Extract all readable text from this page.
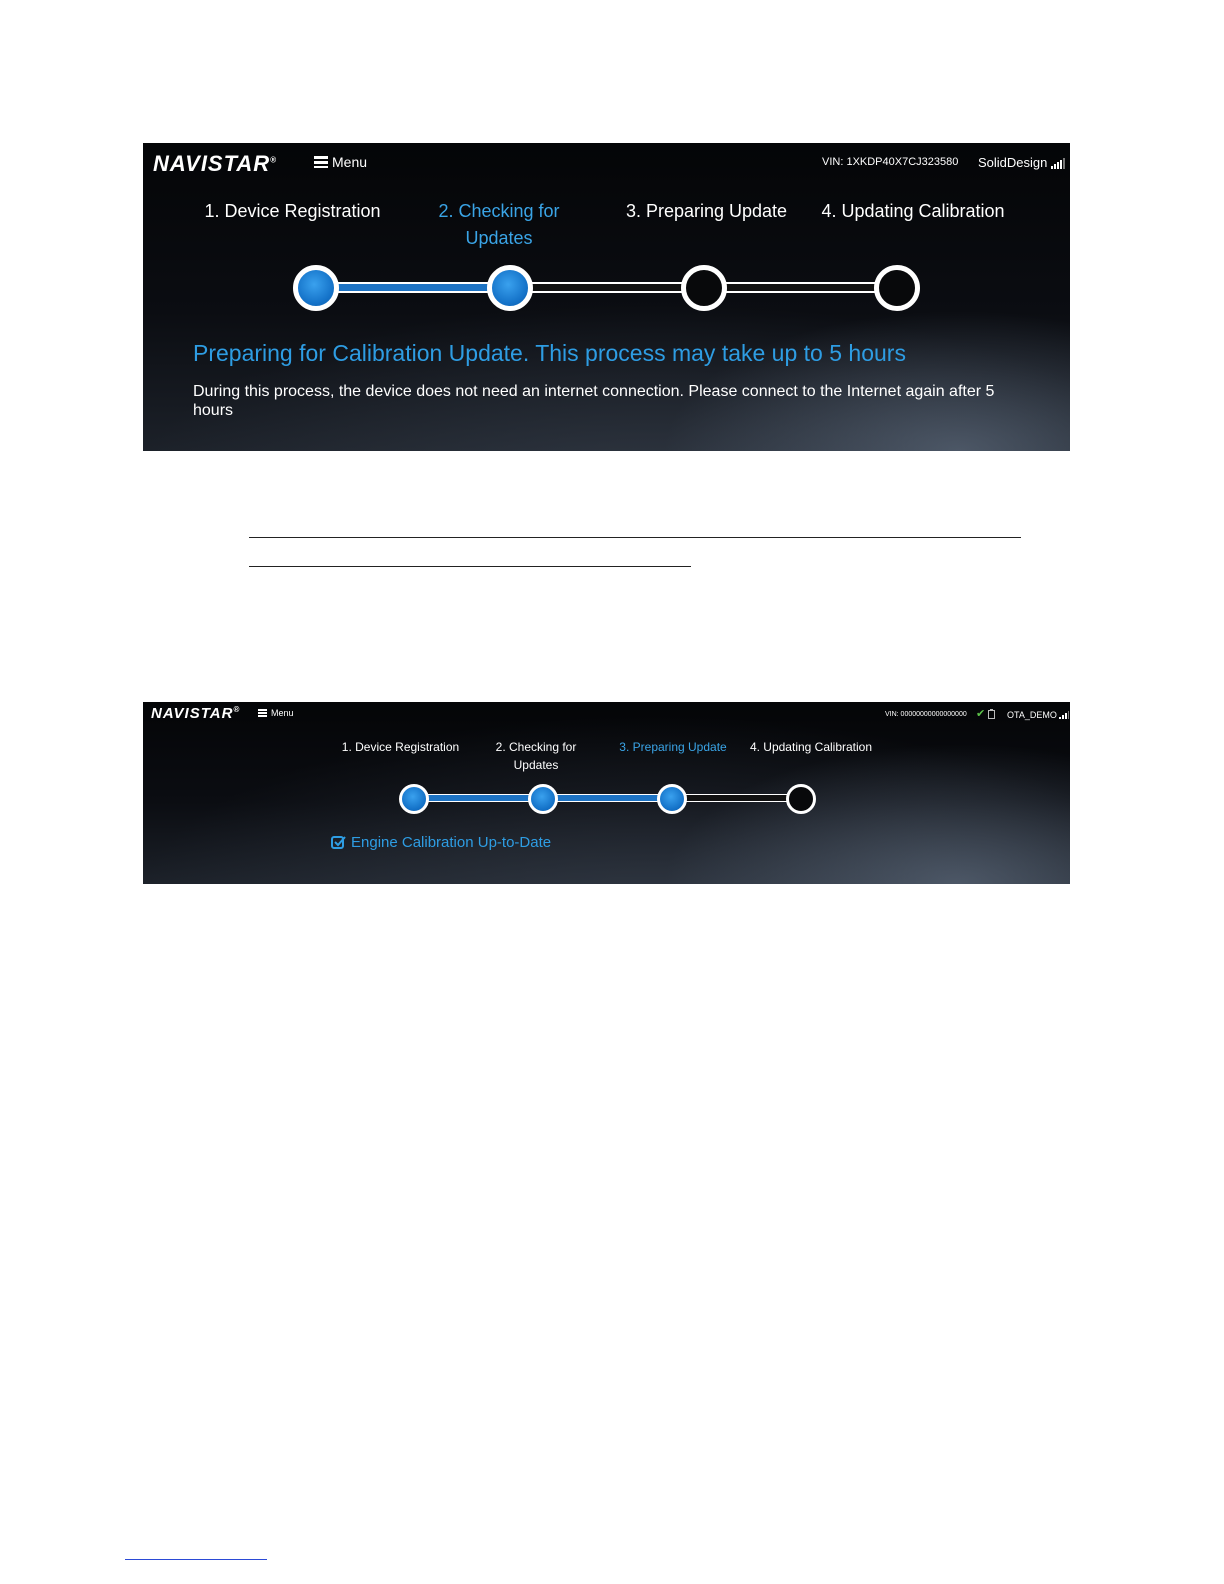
NAVISTAR®	Menu	VIN: 1XKDP40X7CJ323580 SolidDesign
1. Device Registration	2. Checking for
Updates
3. Preparing Update	4. Updating Calibration
Preparing for Calibration Update. This process may take up to 5 hours
During this process, the device does not need an internet connection. Please connect to the Internet again after 5 hours
NAVISTAR®	Menu	VIN: 00000000000000000 ✔ OTA_DEMO
1. Device Registration	2. Checking for
Updates
3. Preparing Update	4. Updating Calibration
Engine Calibration Up-to-Date
